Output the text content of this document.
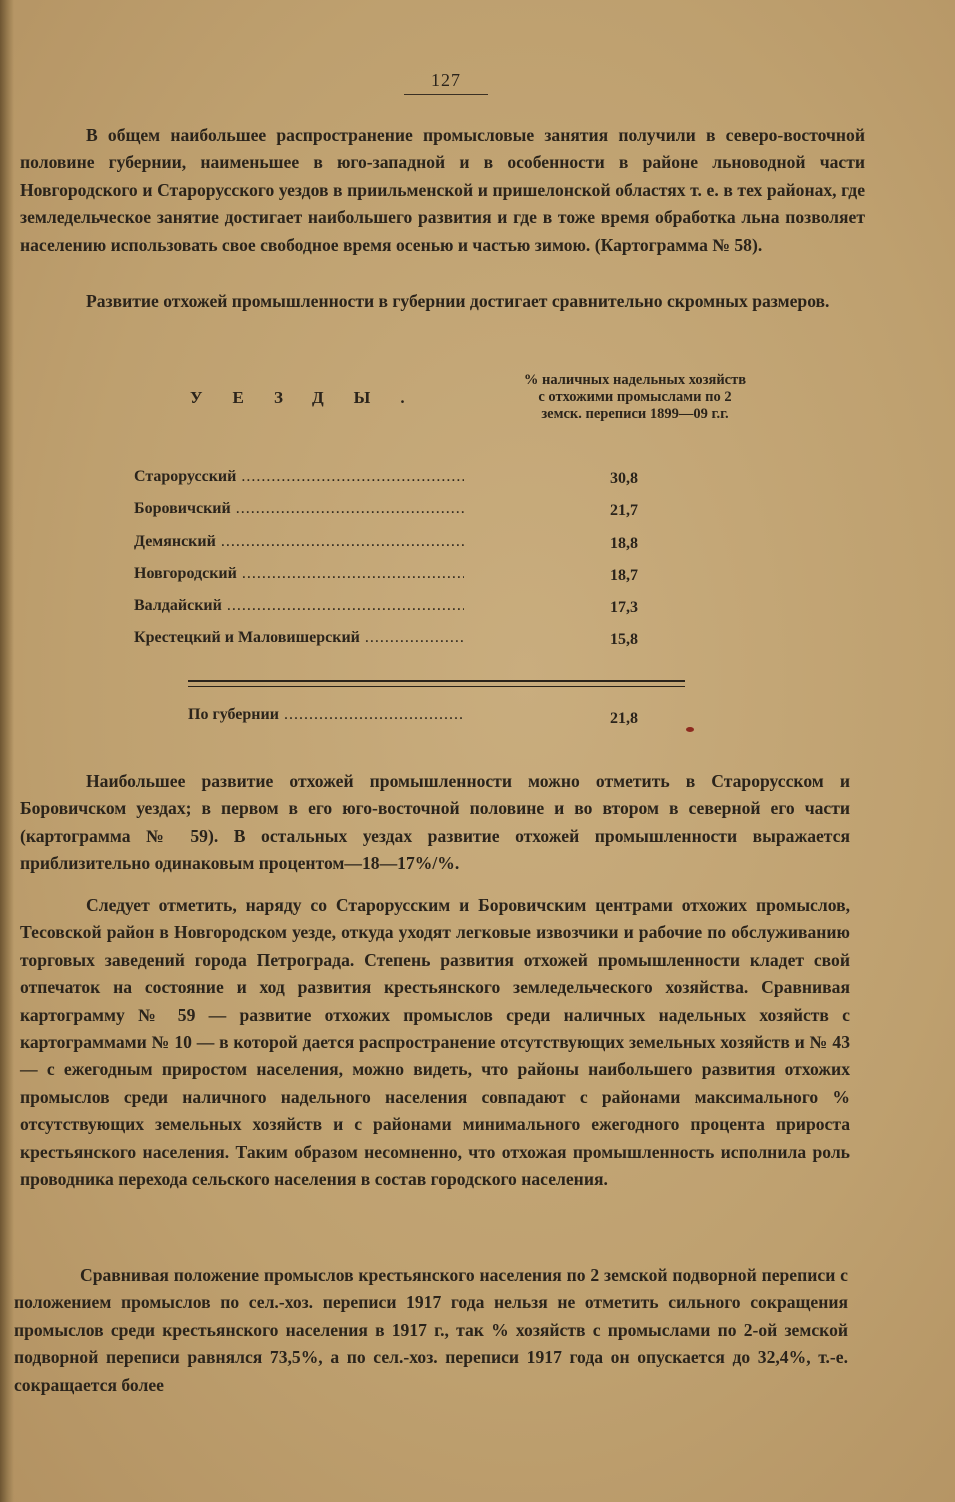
127
В общем наибольшее распространение промысловые занятия получили в северо-восточной половине губернии, наименьшее в юго-западной и в особенности в районе льноводной части Новгородского и Старорусского уездов в приильменской и пришелонской областях т. е. в тех районах, где земледельческое занятие достигает наибольшего развития и где в тоже время обработка льна позволяет населению использовать свое свободное время осенью и частью зимою. (Картограмма № 58).
Развитие отхожей промышленности в губернии достигает сравнительно скромных размеров.
УЕЗДЫ.
% наличных надельных хозяйств с отхожими промыслами по 2 земск. переписи 1899—09 г.г.
Старорусский .....	30,8
Боровичский .....	21,7
Демянский .....	18,8
Новгородский .....	18,7
Валдайский .....	17,3
Крестецкий и Маловишерский .....	15,8
По губернии .....	21,8
Наибольшее развитие отхожей промышленности можно отметить в Старорусском и Боровичском уездах; в первом в его юго-восточной половине и во втором в северной его части (картограмма № 59). В остальных уездах развитие отхожей промышленности выражается приблизительно одинаковым процентом—18—17%/%.
Следует отметить, наряду со Старорусским и Боровичским центрами отхожих промыслов, Тесовской район в Новгородском уезде, откуда уходят легковые извозчики и рабочие по обслуживанию торговых заведений города Петрограда. Степень развития отхожей промышленности кладет свой отпечаток на состояние и ход развития крестьянского земледельческого хозяйства. Сравнивая картограмму № 59 — развитие отхожих промыслов среди наличных надельных хозяйств с картограммами № 10 — в которой дается распространение отсутствующих земельных хозяйств и № 43 — с ежегодным приростом населения, можно видеть, что районы наибольшего развития отхожих промыслов среди наличного надельного населения совпадают с районами максимального % отсутствующих земельных хозяйств и с районами минимального ежегодного процента прироста крестьянского населения. Таким образом несомненно, что отхожая промышленность исполнила роль проводника перехода сельского населения в состав городского населения.
Сравнивая положение промыслов крестьянского населения по 2 земской подворной переписи с положением промыслов по сел.-хоз. переписи 1917 года нельзя не отметить сильного сокращения промыслов среди крестьянского населения в 1917 г., так % хозяйств с промыслами по 2-ой земской подворной переписи равнялся 73,5%, а по сел.-хоз. переписи 1917 года он опускается до 32,4%, т.-е. сокращается более
